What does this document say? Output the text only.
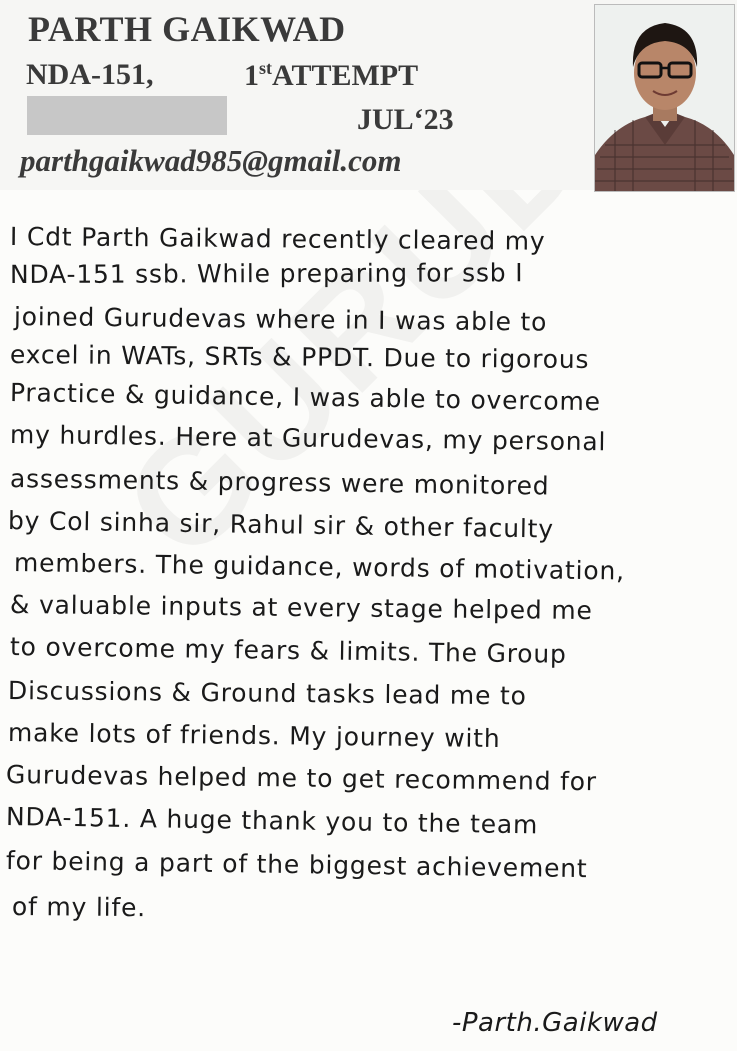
PARTH GAIKWAD
NDA-151,	1stATTEMPT
JUL‘23
parthgaikwad985@gmail.com
I Cdt Parth Gaikwad recently cleared my
NDA-151 ssb. While preparing for ssb I
joined Gurudevas where in I was able to
excel in WATs, SRTs & PPDT. Due to rigorous
Practice & guidance, I was able to overcome
my hurdles. Here at Gurudevas, my personal
assessments & progress were monitored
by Col sinha sir, Rahul sir & other faculty
members. The guidance, words of motivation,
& valuable inputs at every stage helped me
to overcome my fears & limits. The Group
Discussions & Ground tasks lead me to
make lots of friends. My journey with
Gurudevas helped me to get recommend for
NDA-151. A huge thank you to the team
for being a part of the biggest achievement
of my life.
-Parth.Gaikwad
